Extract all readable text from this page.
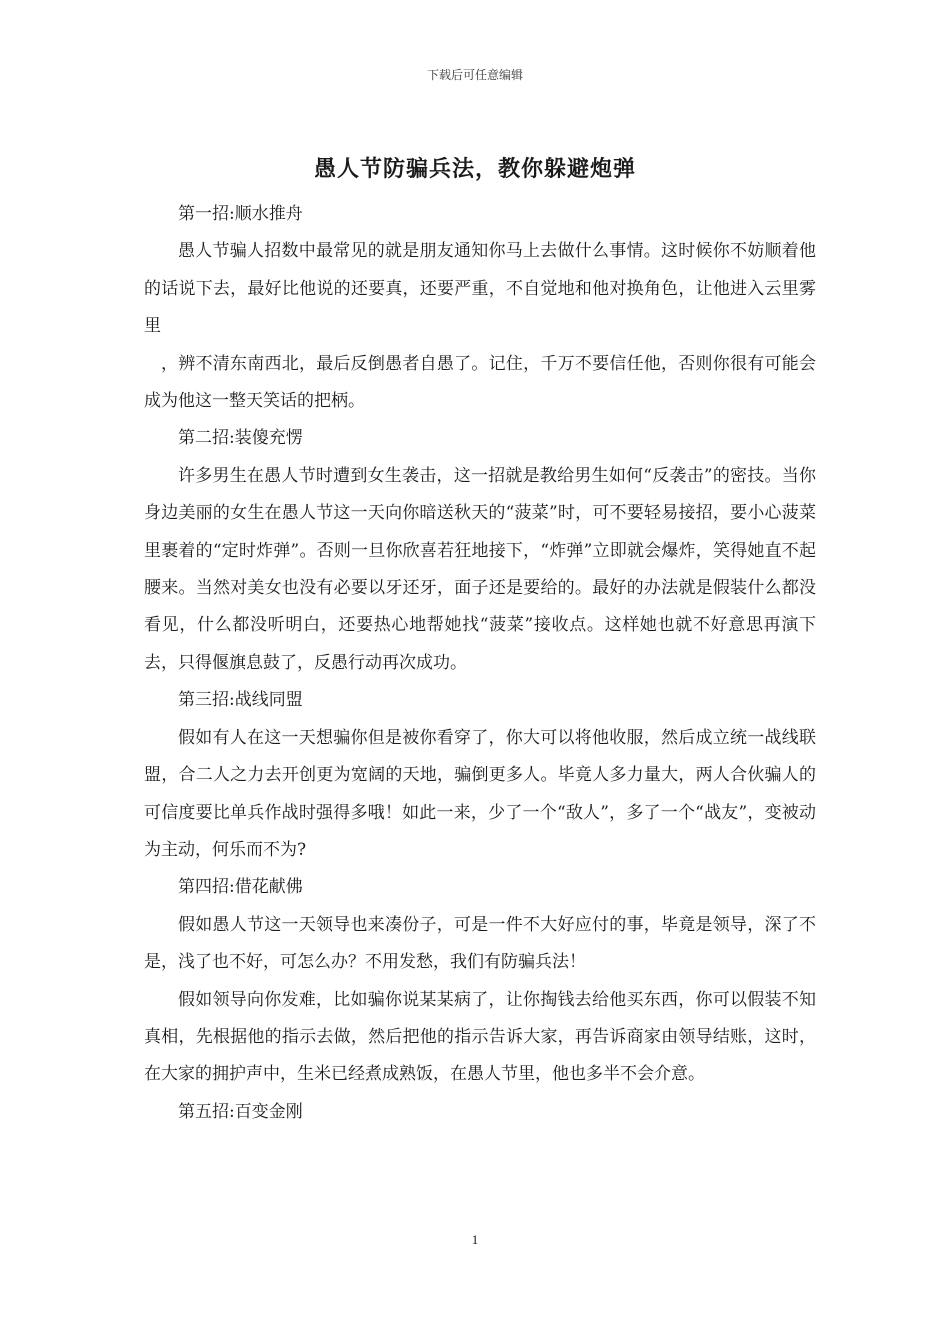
下载后可任意编辑
愚人节防骗兵法，教你躲避炮弹

第一招:顺水推舟

愚人节骗人招数中最常见的就是朋友通知你马上去做什么事情。这时候你不妨顺着他的话说下去，最好比他说的还要真，还要严重，不自觉地和他对换角色，让他进入云里雾里

，辨不清东南西北，最后反倒愚者自愚了。记住，千万不要信任他，否则你很有可能会成为他这一整天笑话的把柄。

第二招:装傻充愣

许多男生在愚人节时遭到女生袭击，这一招就是教给男生如何“反袭击”的密技。当你身边美丽的女生在愚人节这一天向你暗送秋天的“菠菜”时，可不要轻易接招，要小心菠菜里裹着的“定时炸弹”。否则一旦你欣喜若狂地接下，“炸弹”立即就会爆炸，笑得她直不起腰来。当然对美女也没有必要以牙还牙，面子还是要给的。最好的办法就是假装什么都没看见，什么都没听明白，还要热心地帮她找“菠菜”接收点。这样她也就不好意思再演下去，只得偃旗息鼓了，反愚行动再次成功。

第三招:战线同盟

假如有人在这一天想骗你但是被你看穿了，你大可以将他收服，然后成立统一战线联盟，合二人之力去开创更为宽阔的天地，骗倒更多人。毕竟人多力量大，两人合伙骗人的可信度要比单兵作战时强得多哦！如此一来，少了一个“敌人”，多了一个“战友”，变被动为主动，何乐而不为?

第四招:借花献佛

假如愚人节这一天领导也来凑份子，可是一件不大好应付的事，毕竟是领导，深了不是，浅了也不好，可怎么办？不用发愁，我们有防骗兵法！

假如领导向你发难，比如骗你说某某病了，让你掏钱去给他买东西，你可以假装不知真相，先根据他的指示去做，然后把他的指示告诉大家，再告诉商家由领导结账，这时，在大家的拥护声中，生米已经煮成熟饭，在愚人节里，他也多半不会介意。

第五招:百变金刚

1
